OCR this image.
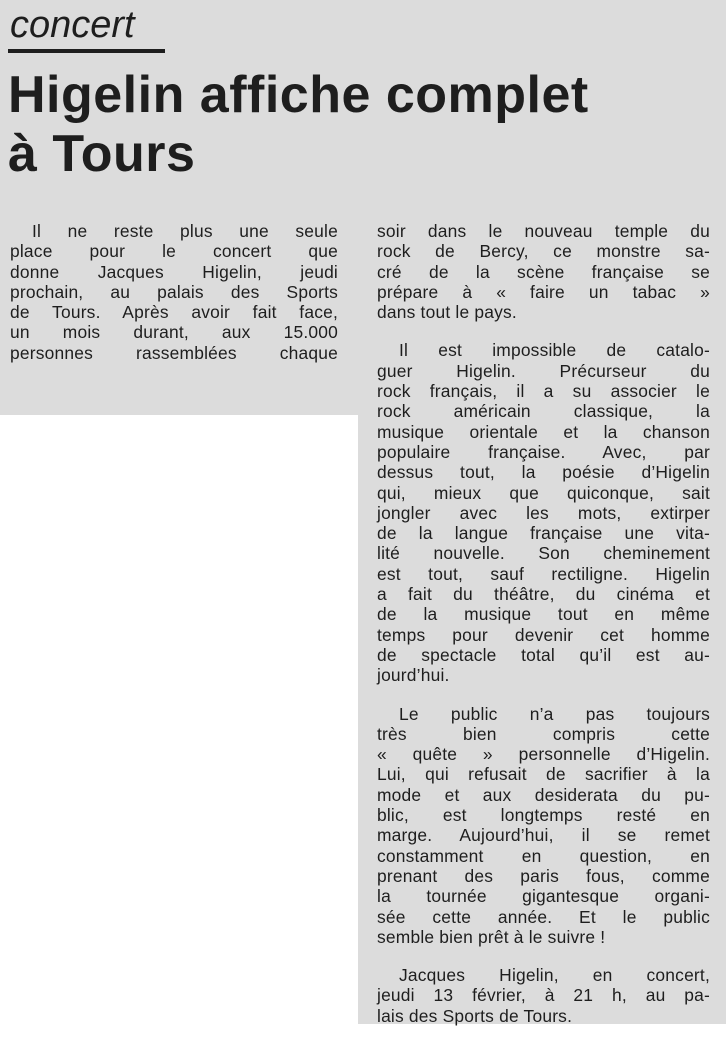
concert
Higelin affiche complet
à Tours
Il ne reste plus une seule
place pour le concert que
donne Jacques Higelin, jeudi
prochain, au palais des Sports
de Tours. Après avoir fait face,
un mois durant, aux 15.000
personnes rassemblées chaque
soir dans le nouveau temple du
rock de Bercy, ce monstre sa-
cré de la scène française se
prépare à « faire un tabac »
dans tout le pays.
Il est impossible de catalo-
guer Higelin. Précurseur du
rock français, il a su associer le
rock américain classique, la
musique orientale et la chanson
populaire française. Avec, par
dessus tout, la poésie d’Higelin
qui, mieux que quiconque, sait
jongler avec les mots, extirper
de la langue française une vita-
lité nouvelle. Son cheminement
est tout, sauf rectiligne. Higelin
a fait du théâtre, du cinéma et
de la musique tout en même
temps pour devenir cet homme
de spectacle total qu’il est au-
jourd’hui.
Le public n’a pas toujours
très bien compris cette
« quête » personnelle d’Higelin.
Lui, qui refusait de sacrifier à la
mode et aux desiderata du pu-
blic, est longtemps resté en
marge. Aujourd’hui, il se remet
constamment en question, en
prenant des paris fous, comme
la tournée gigantesque organi-
sée cette année. Et le public
semble bien prêt à le suivre !
Jacques Higelin, en concert,
jeudi 13 février, à 21 h, au pa-
lais des Sports de Tours.
